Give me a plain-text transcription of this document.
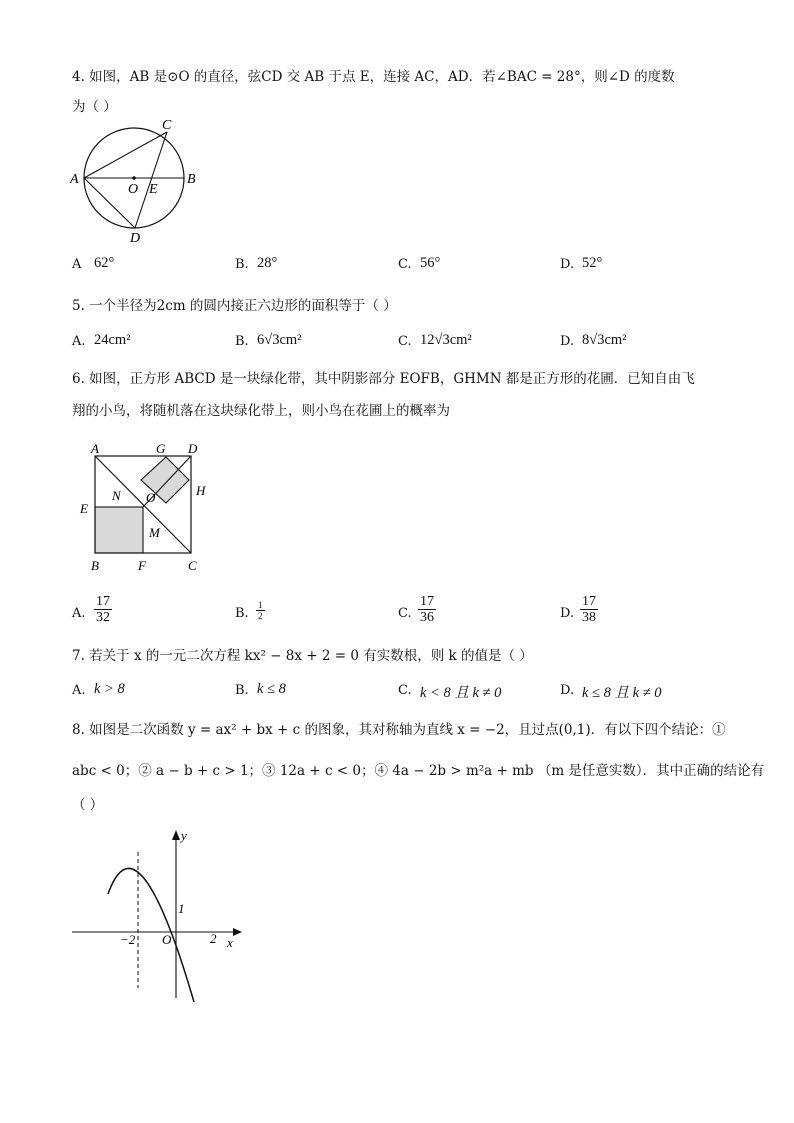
4. 如图，AB 是⊙O 的直径，弦CD 交 AB 于点 E，连接 AC，AD．若∠BAC = 28°，则∠D 的度数
为（ ）
A	B
C
D
O E
A 62°	B. 28°	C. 56°	D. 52°
5. 一个半径为2cm 的圆内接正六边形的面积等于（ ）
A. 24cm²	B. 6√3cm²	C. 12√3cm²	D. 8√3cm²
6. 如图，正方形 ABCD 是一块绿化带，其中阴影部分 EOFB，GHMN 都是正方形的花圃．已知自由飞
翔的小鸟，将随机落在这块绿化带上，则小鸟在花圃上的概率为
A	G D
N O	H
E
M
B	F	C
A. $\frac{17}{32}$	B. $\frac{1}{2}$	C. $\frac{17}{36}$	D. $\frac{17}{38}$
7. 若关于 x 的一元二次方程 kx² − 8x + 2 = 0 有实数根，则 k 的值是（ ）
A. k > 8	B. k ≤ 8	C. k < 8 且 k ≠ 0	D. k ≤ 8 且 k ≠ 0
8. 如图是二次函数 y = ax² + bx + c 的图象，其对称轴为直线 x = −2，且过点(0,1)．有以下四个结论：①
abc < 0；② a − b + c > 1；③ 12a + c < 0；④ 4a − 2b > m²a + mb （m 是任意实数）．其中正确的结论有
（ ）
y
x
O
−2	2
1
